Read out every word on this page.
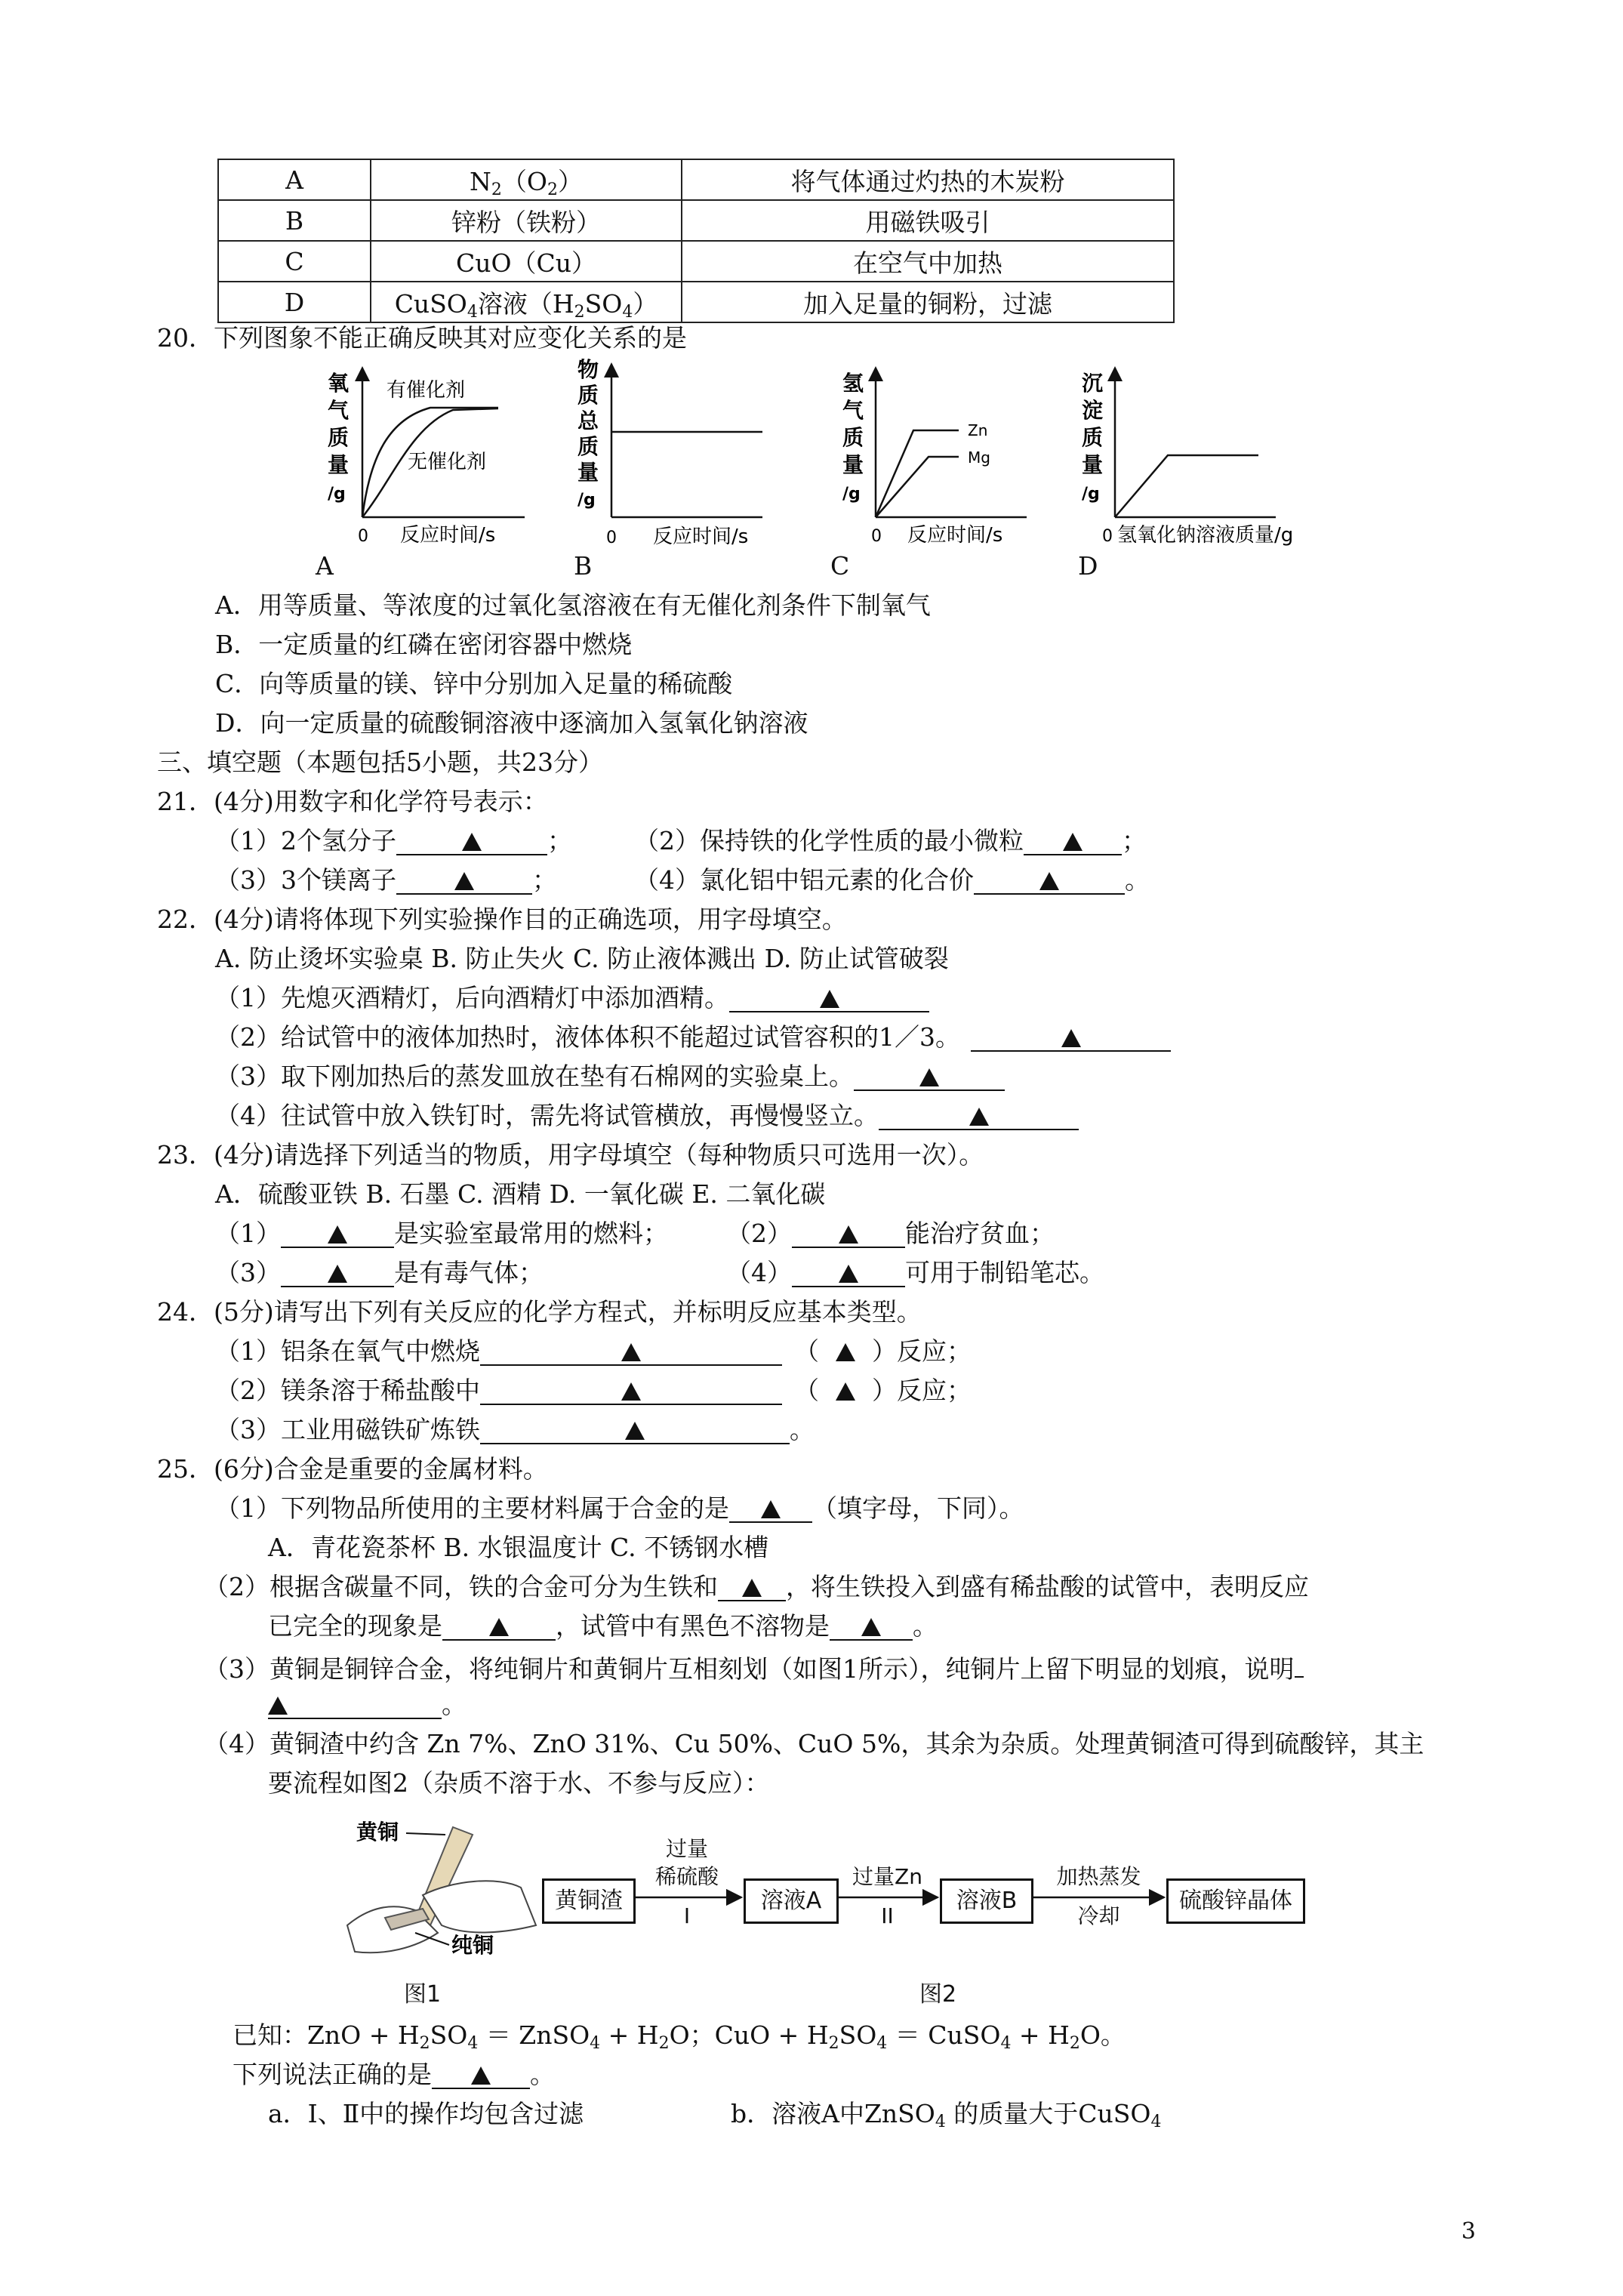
A	$N_2(O_2)$	将气体通过灼热的木炭粉
B	锌粉（铁粉）	用磁铁吸引
C	CuO（Cu）	在空气中加热
D	CuSO$_4$溶液$(H_2SO_4)$	加入足量的铜粉，过滤
20．下列图象不能正确反映其对应变化关系的是
有催化剂
无催化剂
氧
气
质
量
/g
0 反应时间/s
物
质
总
质
量
/g
0 反应时间/s
Zn
Mg
氢
气
质
量
/g
0 反应时间/s
沉
淀
质
量
/g
0 氢氧化钠溶液质量/g
A	B	C	D
A．用等质量、等浓度的过氧化氢溶液在有无催化剂条件下制氧气
B．一定质量的红磷在密闭容器中燃烧
C．向等质量的镁、锌中分别加入足量的稀硫酸
D．向一定质量的硫酸铜溶液中逐滴加入氢氧化钠溶液
三、填空题（本题包括5小题，共23分）
21．(4分)用数字和化学符号表示：
（1）2个氢分子	； （2）保持铁的化学性质的最小微粒	；
（3）3个镁离子	；	（4）氯化铝中铝元素的化合价	。
22．(4分)请将体现下列实验操作目的正确选项，用字母填空。
A. 防止烫坏实验桌 B. 防止失火 C. 防止液体溅出 D. 防止试管破裂
（1）先熄灭酒精灯，后向酒精灯中添加酒精。
（2）给试管中的液体加热时，液体体积不能超过试管容积的1／3。
（3）取下刚加热后的蒸发皿放在垫有石棉网的实验桌上。
（4）往试管中放入铁钉时，需先将试管横放，再慢慢竖立。
23．(4分)请选择下列适当的物质，用字母填空（每种物质只可选用一次）。
A．硫酸亚铁 B. 石墨 C. 酒精 D. 一氧化碳 E. 二氧化碳
（1）	是实验室最常用的燃料； （2）	能治疗贫血；
（3）	是有毒气体；	（4）	可用于制铅笔芯。
24．(5分)请写出下列有关反应的化学方程式，并标明反应基本类型。
（1）铝条在氧气中燃烧	（ ）反应；
（2）镁条溶于稀盐酸中	（ ）反应；
（3）工业用磁铁矿炼铁	。
25．(6分)合金是重要的金属材料。
（1）下列物品所使用的主要材料属于合金的是	（填字母，下同）。
A．青花瓷茶杯 B. 水银温度计 C. 不锈钢水槽
（2）根据含碳量不同，铁的合金可分为生铁和	，将生铁投入到盛有稀盐酸的试管中，表明反应
已完全的现象是	，试管中有黑色不溶物是	。
（3）黄铜是铜锌合金，将纯铜片和黄铜片互相刻划（如图1所示），纯铜片上留下明显的划痕，说明
。
（4）黄铜渣中约含 Zn 7%、ZnO 31%、Cu 50%、CuO 5%，其余为杂质。处理黄铜渣可得到硫酸锌，其主
要流程如图2（杂质不溶于水、不参与反应）：
黄铜
纯铜
图1
黄铜渣	溶液A	溶液B	硫酸锌晶体
过量
稀硫酸
I
过量Zn
II
加热蒸发
冷却
图2
已知：ZnO + $H_2SO_4$ ＝ ZnSO$_4$ + $H_2O$；CuO + $H_2SO_4$ ＝ CuSO$_4$ + $H_2O$。
下列说法正确的是	。
a．Ⅰ、Ⅱ中的操作均包含过滤	b．溶液A中ZnSO$_4$ 的质量大于CuSO$_4$
3
